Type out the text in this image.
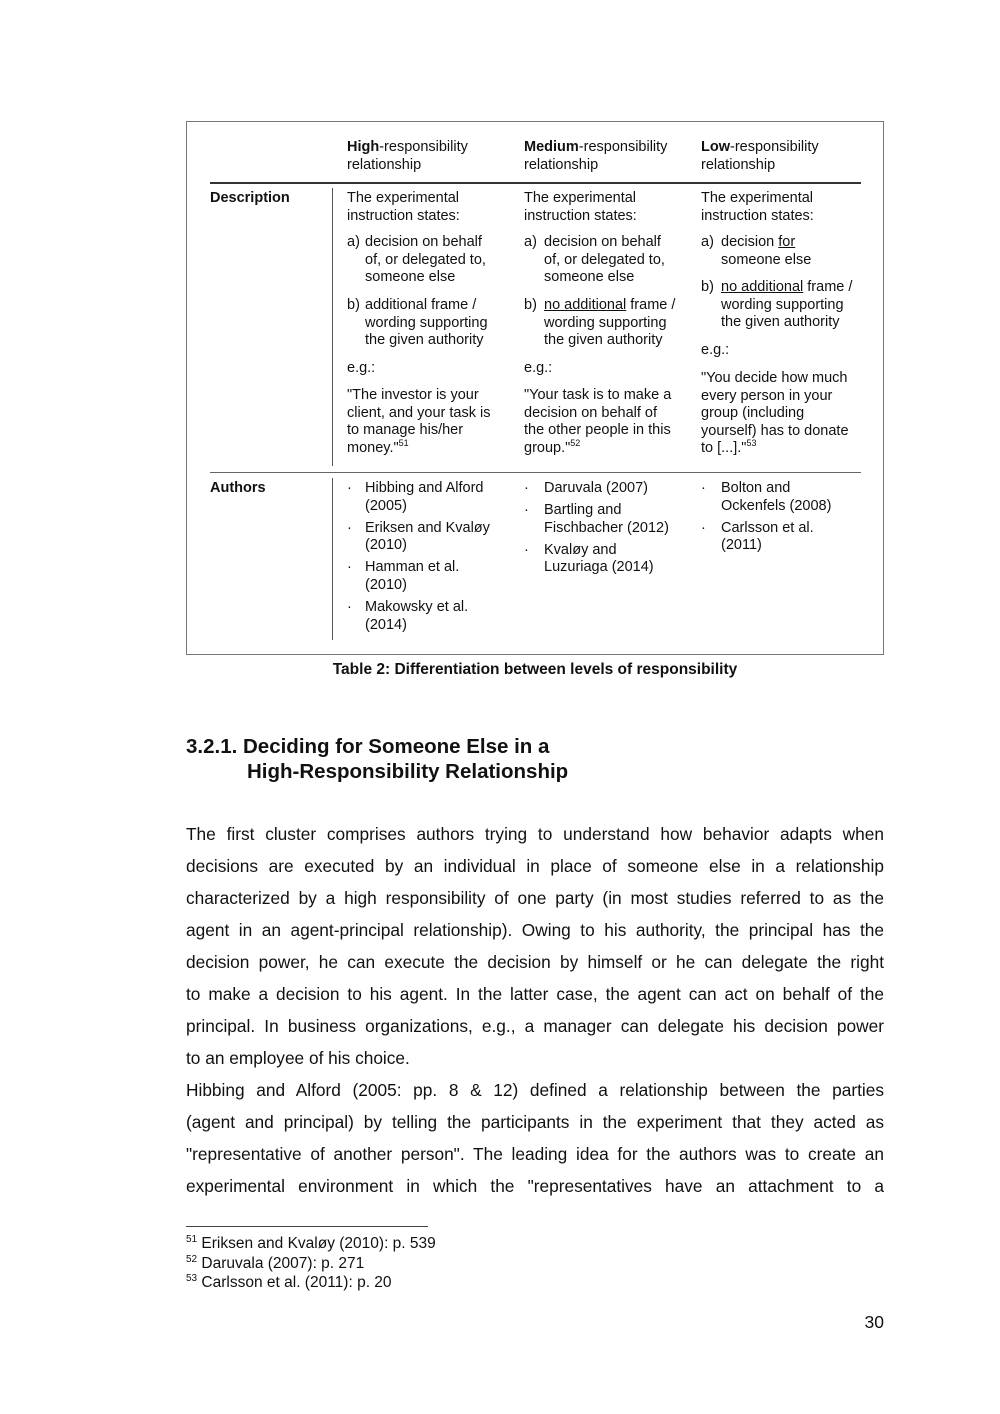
High-responsibility
relationship
Medium-responsibility
relationship
Low-responsibility
relationship
Description	The experimental
instruction states:
a) decision on behalf
of, or delegated to,
someone else
b) additional frame /
wording supporting
the given authority
e.g.:
"The investor is your
client, and your task is
to manage his/her
money."$^{51}$
The experimental
instruction states:
a) decision on behalf
of, or delegated to,
someone else
b) no additional frame /
wording supporting
the given authority
e.g.:
"Your task is to make a
decision on behalf of
the other people in this
group."$^{52}$
The experimental
instruction states:
a) decision for
someone else
b) no additional frame /
wording supporting
the given authority
e.g.:
"You decide how much
every person in your
group (including
yourself) has to donate
to [...]."$^{53}$
Authors	· Hibbing and Alford
(2005)
· Eriksen and Kvaløy
(2010)
· Hamman et al.
(2010)
· Makowsky et al.
(2014)
· Daruvala (2007)
· Bartling and
Fischbacher (2012)
· Kvaløy and
Luzuriaga (2014)
· Bolton and
Ockenfels (2008)
· Carlsson et al.
(2011)
Table 2: Differentiation between levels of responsibility
3.2.1. Deciding for Someone Else in a
High-Responsibility Relationship
The first cluster comprises authors trying to understand how behavior adapts when
decisions are executed by an individual in place of someone else in a relationship
characterized by a high responsibility of one party (in most studies referred to as the
agent in an agent-principal relationship). Owing to his authority, the principal has the
decision power, he can execute the decision by himself or he can delegate the right
to make a decision to his agent. In the latter case, the agent can act on behalf of the
principal. In business organizations, e.g., a manager can delegate his decision power
to an employee of his choice.
Hibbing and Alford (2005: pp. 8 & 12) defined a relationship between the parties
(agent and principal) by telling the participants in the experiment that they acted as
"representative of another person". The leading idea for the authors was to create an
experimental environment in which the "representatives have an attachment to a
$^{51}$ Eriksen and Kvaløy (2010): p. 539
$^{52}$ Daruvala (2007): p. 271
$^{53}$ Carlsson et al. (2011): p. 20
30
